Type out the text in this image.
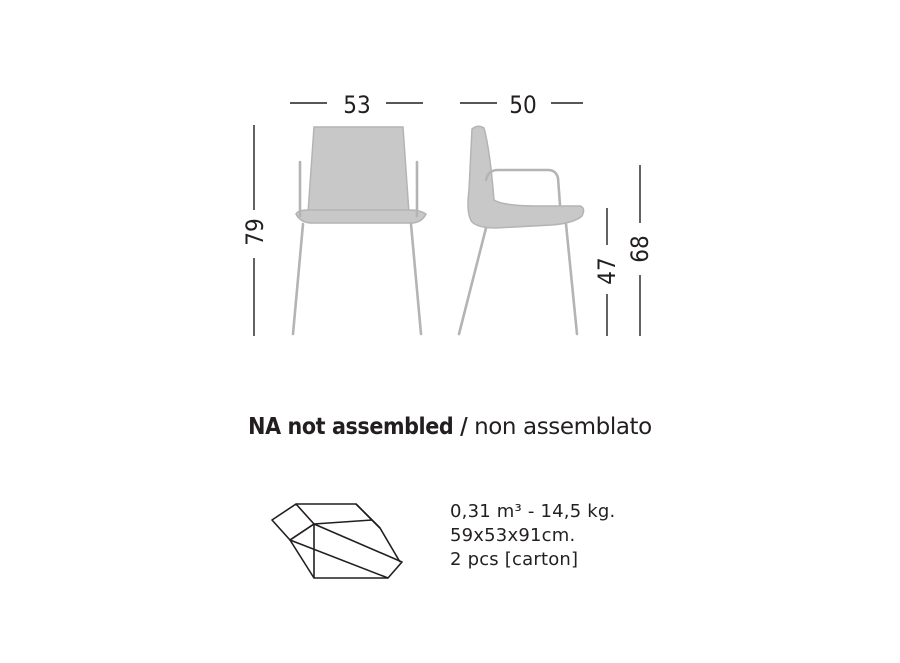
53	50
79
47
68
NA not assembled / non assemblato
0,31 m³ - 14,5 kg.
59x53x91cm.
2 pcs [carton]
